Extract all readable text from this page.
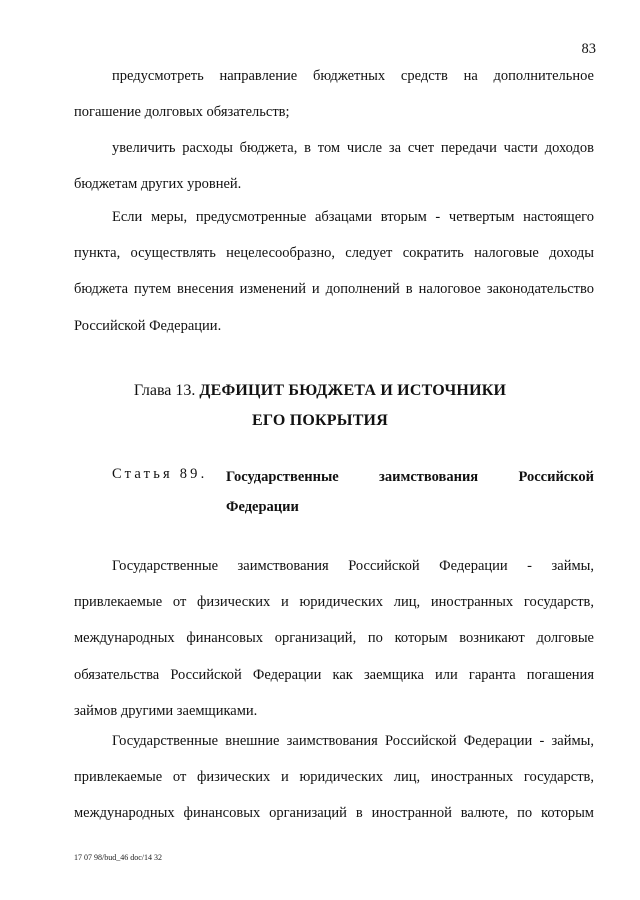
83
предусмотреть направление бюджетных средств на дополнительное
погашение долговых обязательств;
увеличить расходы бюджета, в том числе за счет передачи части доходов
бюджетам других уровней.
Если меры, предусмотренные абзацами вторым - четвертым настоящего
пункта, осуществлять нецелесообразно, следует сократить налоговые доходы
бюджета путем внесения изменений и дополнений в налоговое законодательство
Российской Федерации.
Глава 13. ДЕФИЦИТ БЮДЖЕТА И ИСТОЧНИКИ
ЕГО ПОКРЫТИЯ
Статья 89. Государственные заимствования Российской Федерации
Государственные заимствования Российской Федерации - займы,
привлекаемые от физических и юридических лиц, иностранных государств,
международных финансовых организаций, по которым возникают долговые
обязательства Российской Федерации как заемщика или гаранта погашения
займов другими заемщиками.
Государственные внешние заимствования Российской Федерации - займы,
привлекаемые от физических и юридических лиц, иностранных государств,
международных финансовых организаций в иностранной валюте, по которым
17 07 98/bud_46 doc/14 32
